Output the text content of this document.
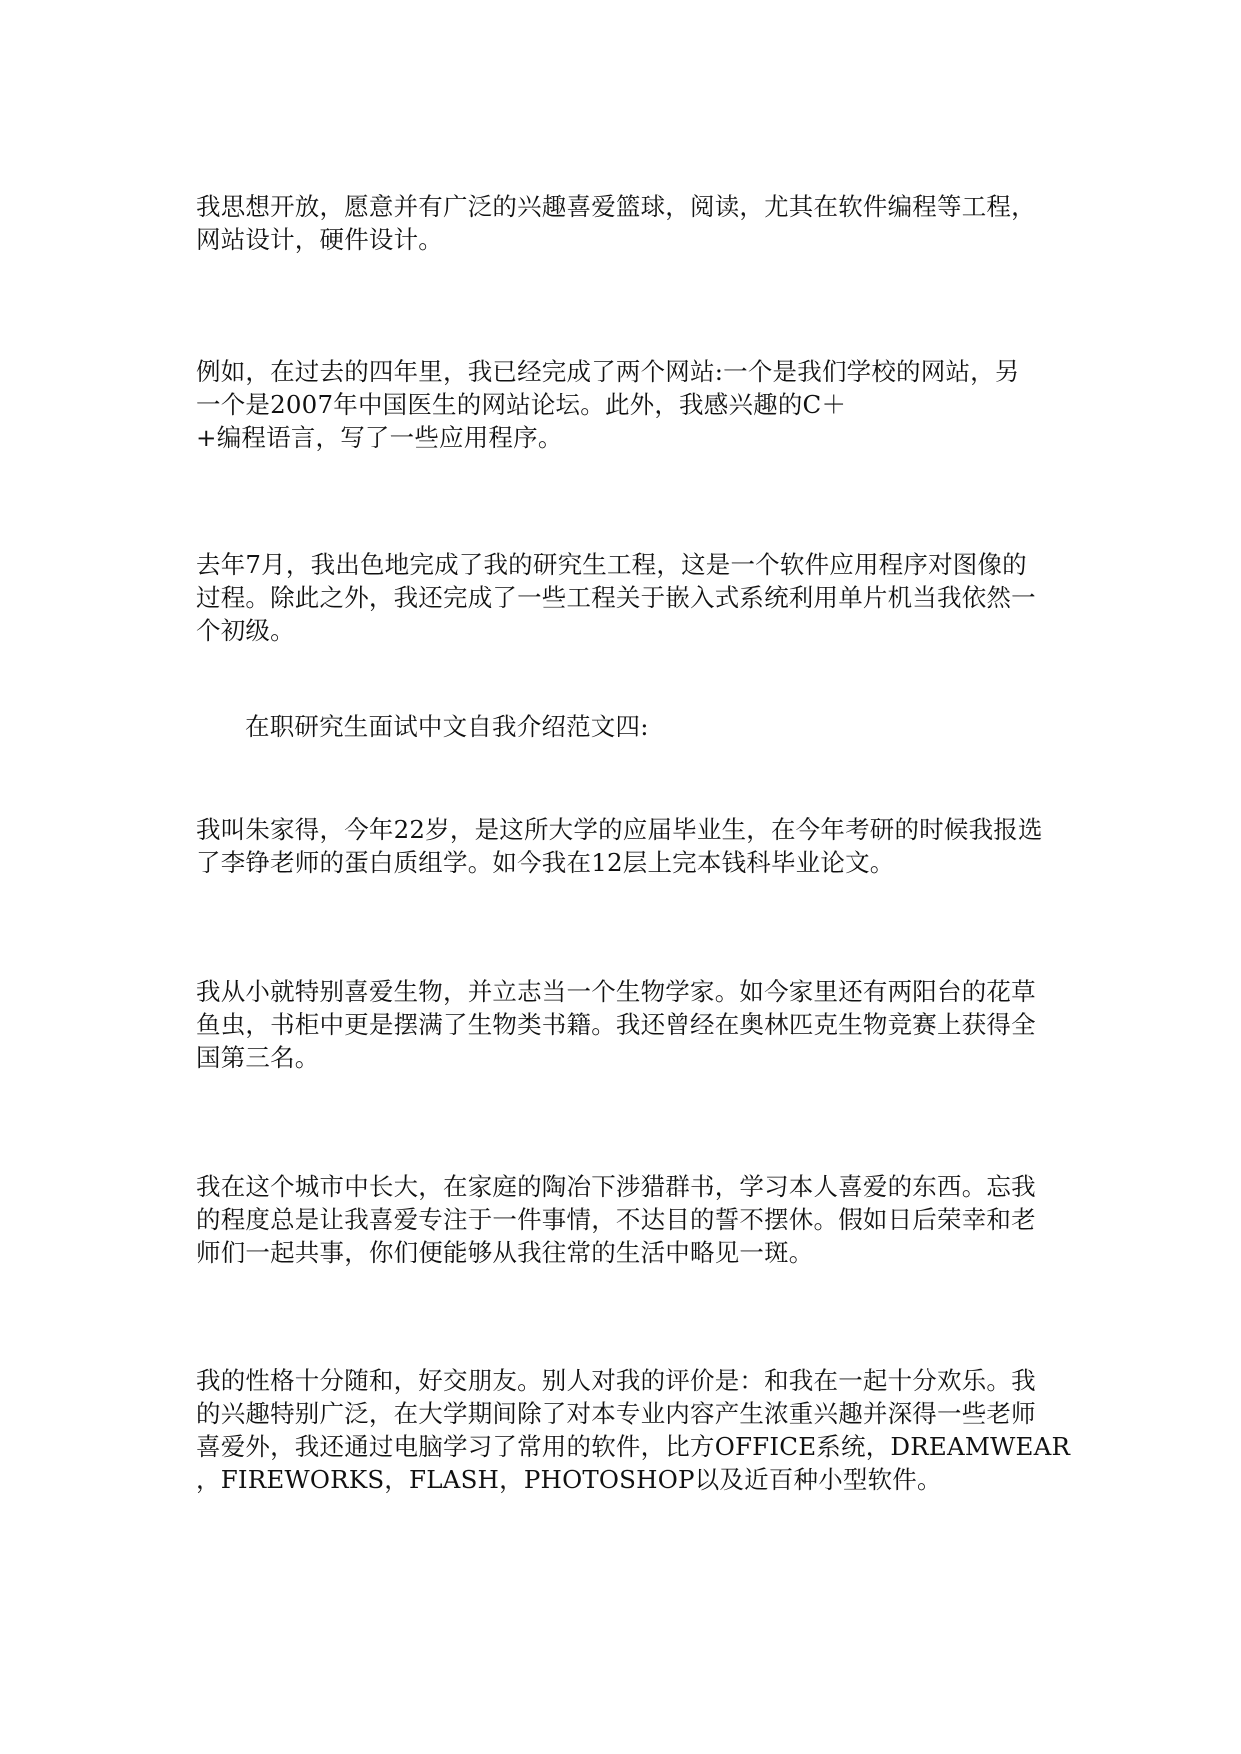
我思想开放，愿意并有广泛的兴趣喜爱篮球，阅读，尤其在软件编程等工程，
网站设计，硬件设计。

例如，在过去的四年里，我已经完成了两个网站:一个是我们学校的网站，另
一个是2007年中国医生的网站论坛。此外，我感兴趣的C＋
+编程语言，写了一些应用程序。

去年7月，我出色地完成了我的研究生工程，这是一个软件应用程序对图像的
过程。除此之外，我还完成了一些工程关于嵌入式系统利用单片机当我依然一
个初级。

在职研究生面试中文自我介绍范文四:

我叫朱家得，今年22岁，是这所大学的应届毕业生，在今年考研的时候我报选
了李铮老师的蛋白质组学。如今我在12层上完本钱科毕业论文。

我从小就特别喜爱生物，并立志当一个生物学家。如今家里还有两阳台的花草
鱼虫，书柜中更是摆满了生物类书籍。我还曾经在奥林匹克生物竞赛上获得全
国第三名。

我在这个城市中长大，在家庭的陶冶下涉猎群书，学习本人喜爱的东西。忘我
的程度总是让我喜爱专注于一件事情，不达目的誓不摆休。假如日后荣幸和老
师们一起共事，你们便能够从我往常的生活中略见一斑。

我的性格十分随和，好交朋友。别人对我的评价是：和我在一起十分欢乐。我
的兴趣特别广泛，在大学期间除了对本专业内容产生浓重兴趣并深得一些老师
喜爱外，我还通过电脑学习了常用的软件，比方OFFICE系统，DREAMWEAR
，FIREWORKS，FLASH，PHOTOSHOP以及近百种小型软件。
